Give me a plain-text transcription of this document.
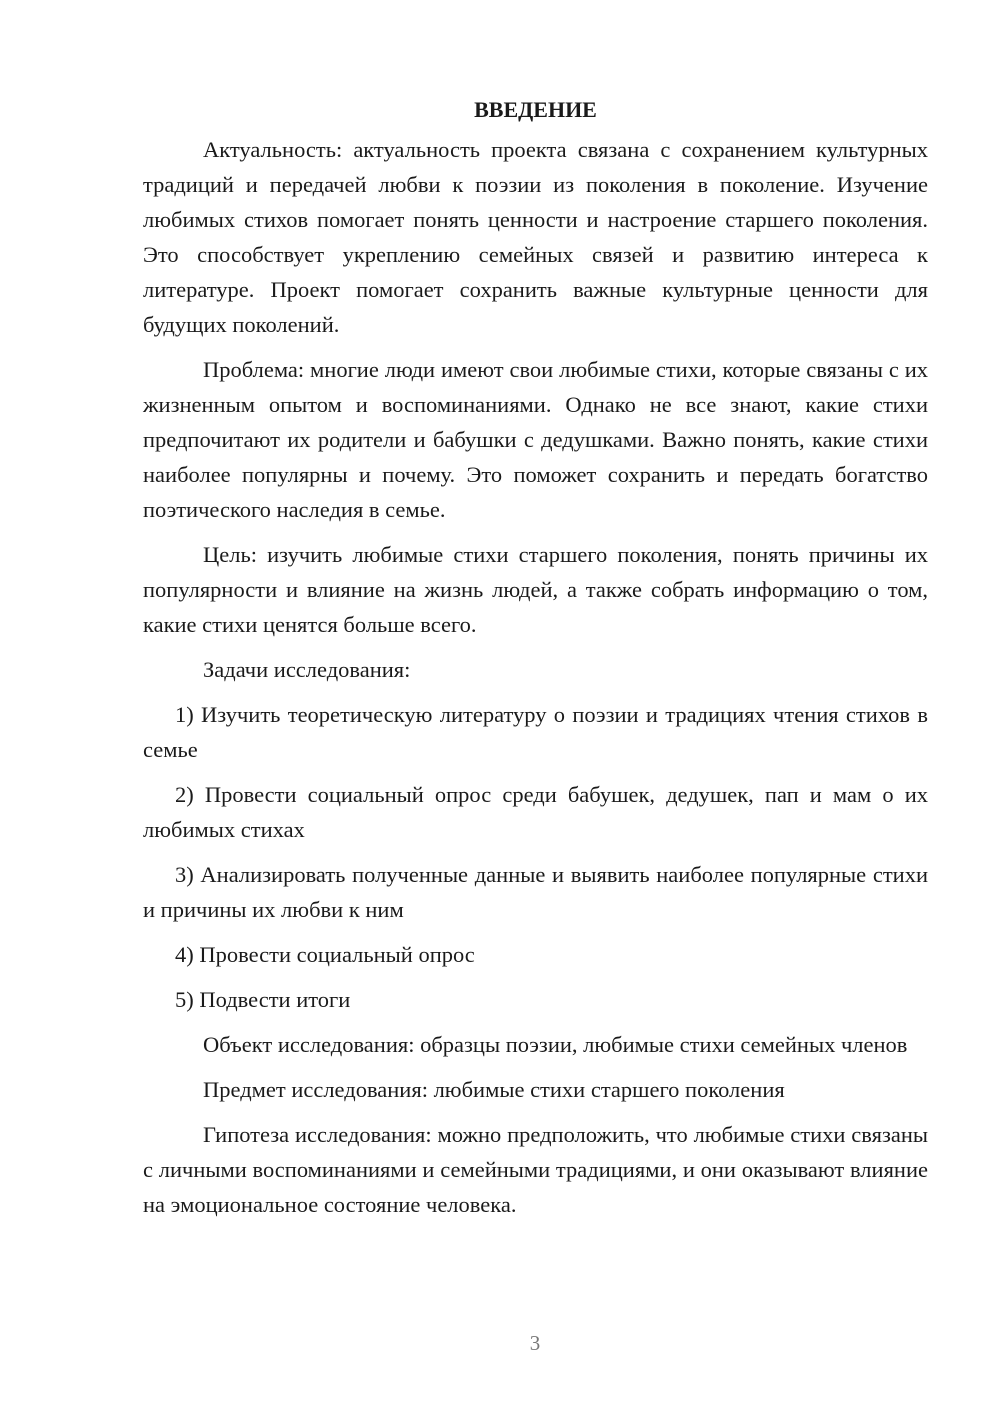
ВВЕДЕНИЕ

Актуальность: актуальность проекта связана с сохранением культурных традиций и передачей любви к поэзии из поколения в поколение. Изучение любимых стихов помогает понять ценности и настроение старшего поколения. Это способствует укреплению семейных связей и развитию интереса к литературе. Проект помогает сохранить важные культурные ценности для будущих поколений.

Проблема: многие люди имеют свои любимые стихи, которые связаны с их жизненным опытом и воспоминаниями. Однако не все знают, какие стихи предпочитают их родители и бабушки с дедушками. Важно понять, какие стихи наиболее популярны и почему. Это поможет сохранить и передать богатство поэтического наследия в семье.

Цель: изучить любимые стихи старшего поколения, понять причины их популярности и влияние на жизнь людей, а также собрать информацию о том, какие стихи ценятся больше всего.

Задачи исследования:

1) Изучить теоретическую литературу о поэзии и традициях чтения стихов в семье

2) Провести социальный опрос среди бабушек, дедушек, пап и мам о их любимых стихах

3) Анализировать полученные данные и выявить наиболее популярные стихи и причины их любви к ним

4) Провести социальный опрос

5) Подвести итоги

Объект исследования: образцы поэзии, любимые стихи семейных членов

Предмет исследования: любимые стихи старшего поколения

Гипотеза исследования: можно предположить, что любимые стихи связаны с личными воспоминаниями и семейными традициями, и они оказывают влияние на эмоциональное состояние человека.

3
